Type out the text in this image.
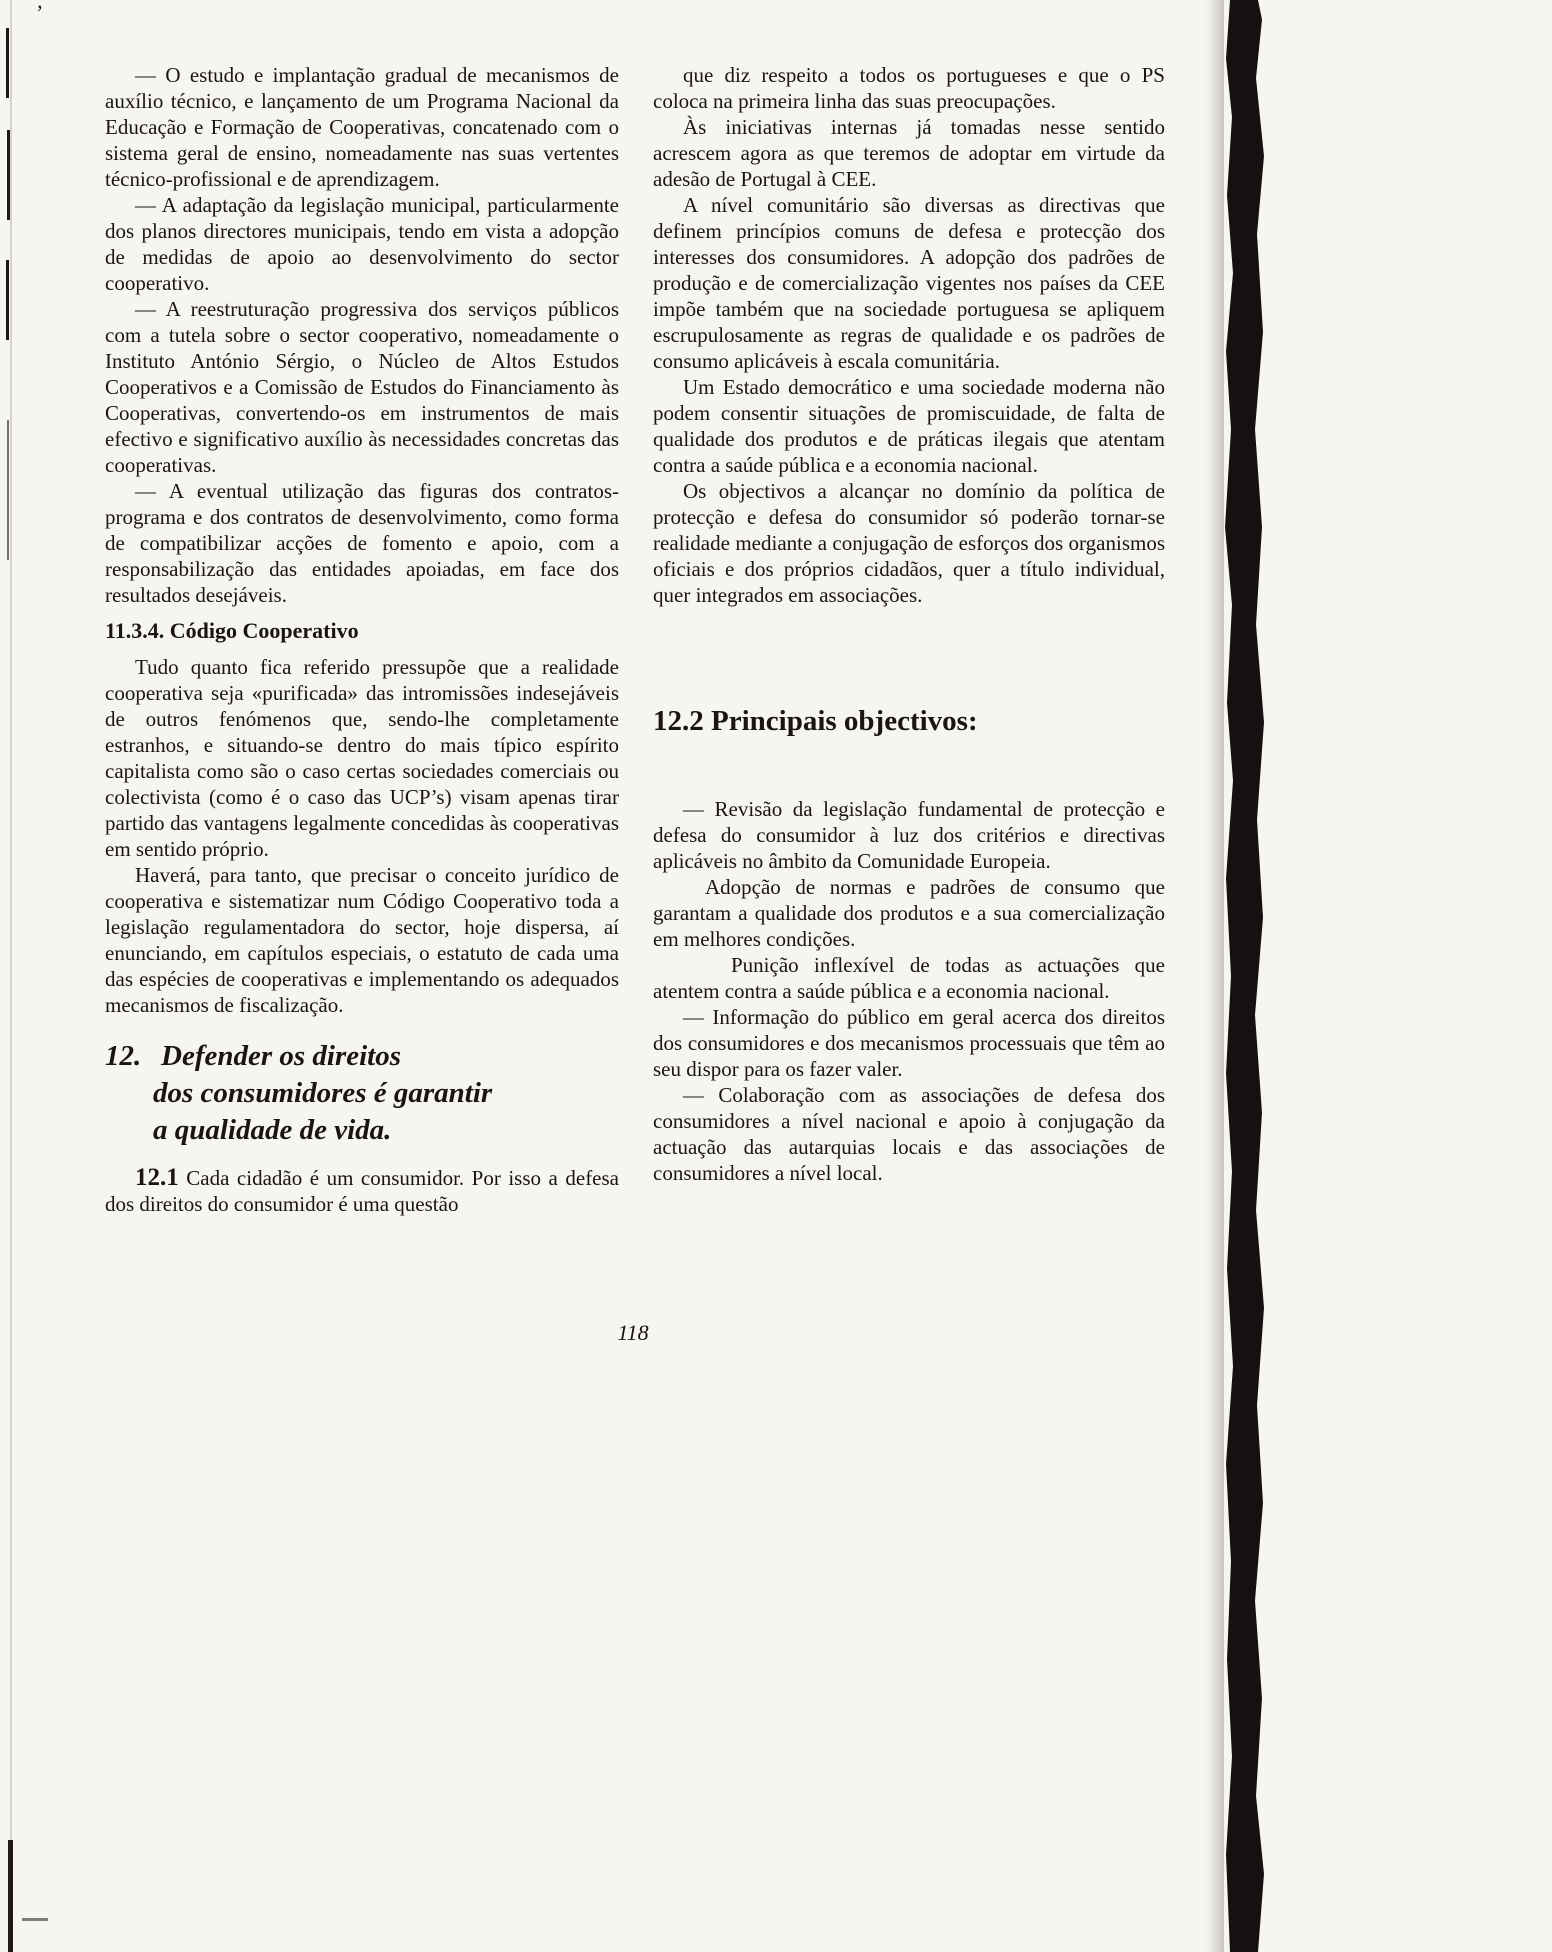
’

— O estudo e implantação gradual de mecanismos de auxílio técnico, e lançamento de um Programa Nacional da Educação e Formação de Cooperativas, concatenado com o sistema geral de ensino, nomeadamente nas suas vertentes técnico-profissional e de aprendizagem.

— A adaptação da legislação municipal, particularmente dos planos directores municipais, tendo em vista a adopção de medidas de apoio ao desenvolvimento do sector cooperativo.

— A reestruturação progressiva dos serviços públicos com a tutela sobre o sector cooperativo, nomeadamente o Instituto António Sérgio, o Núcleo de Altos Estudos Cooperativos e a Comissão de Estudos do Financiamento às Cooperativas, convertendo-os em instrumentos de mais efectivo e significativo auxílio às necessidades concretas das cooperativas.

— A eventual utilização das figuras dos contratos-programa e dos contratos de desenvolvimento, como forma de compatibilizar acções de fomento e apoio, com a responsabilização das entidades apoiadas, em face dos resultados desejáveis.

11.3.4. Código Cooperativo

Tudo quanto fica referido pressupõe que a realidade cooperativa seja «purificada» das intromissões indesejáveis de outros fenómenos que, sendo-lhe completamente estranhos, e situando-se dentro do mais típico espírito capitalista como são o caso certas sociedades comerciais ou colectivista (como é o caso das UCP’s) visam apenas tirar partido das vantagens legalmente concedidas às cooperativas em sentido próprio.

Haverá, para tanto, que precisar o conceito jurídico de cooperativa e sistematizar num Código Cooperativo toda a legislação regulamentadora do sector, hoje dispersa, aí enunciando, em capítulos especiais, o estatuto de cada uma das espécies de cooperativas e implementando os adequados mecanismos de fiscalização.

12. Defender os direitos
dos consumidores é garantir
a qualidade de vida.

12.1 Cada cidadão é um consumidor. Por isso a defesa dos direitos do consumidor é uma questão

que diz respeito a todos os portugueses e que o PS coloca na primeira linha das suas preocupações.

Às iniciativas internas já tomadas nesse sentido acrescem agora as que teremos de adoptar em virtude da adesão de Portugal à CEE.

A nível comunitário são diversas as directivas que definem princípios comuns de defesa e protecção dos interesses dos consumidores. A adopção dos padrões de produção e de comercialização vigentes nos países da CEE impõe também que na sociedade portuguesa se apliquem escrupulosamente as regras de qualidade e os padrões de consumo aplicáveis à escala comunitária.

Um Estado democrático e uma sociedade moderna não podem consentir situações de promiscuidade, de falta de qualidade dos produtos e de práticas ilegais que atentam contra a saúde pública e a economia nacional.

Os objectivos a alcançar no domínio da política de protecção e defesa do consumidor só poderão tornar-se realidade mediante a conjugação de esforços dos organismos oficiais e dos próprios cidadãos, quer a título individual, quer integrados em associações.

12.2 Principais objectivos:

— Revisão da legislação fundamental de protecção e defesa do consumidor à luz dos critérios e directivas aplicáveis no âmbito da Comunidade Europeia.

Adopção de normas e padrões de consumo que garantam a qualidade dos produtos e a sua comercialização em melhores condições.

Punição inflexível de todas as actuações que atentem contra a saúde pública e a economia nacional.

— Informação do público em geral acerca dos direitos dos consumidores e dos mecanismos processuais que têm ao seu dispor para os fazer valer.

— Colaboração com as associações de defesa dos consumidores a nível nacional e apoio à conjugação da actuação das autarquias locais e das associações de consumidores a nível local.

118
